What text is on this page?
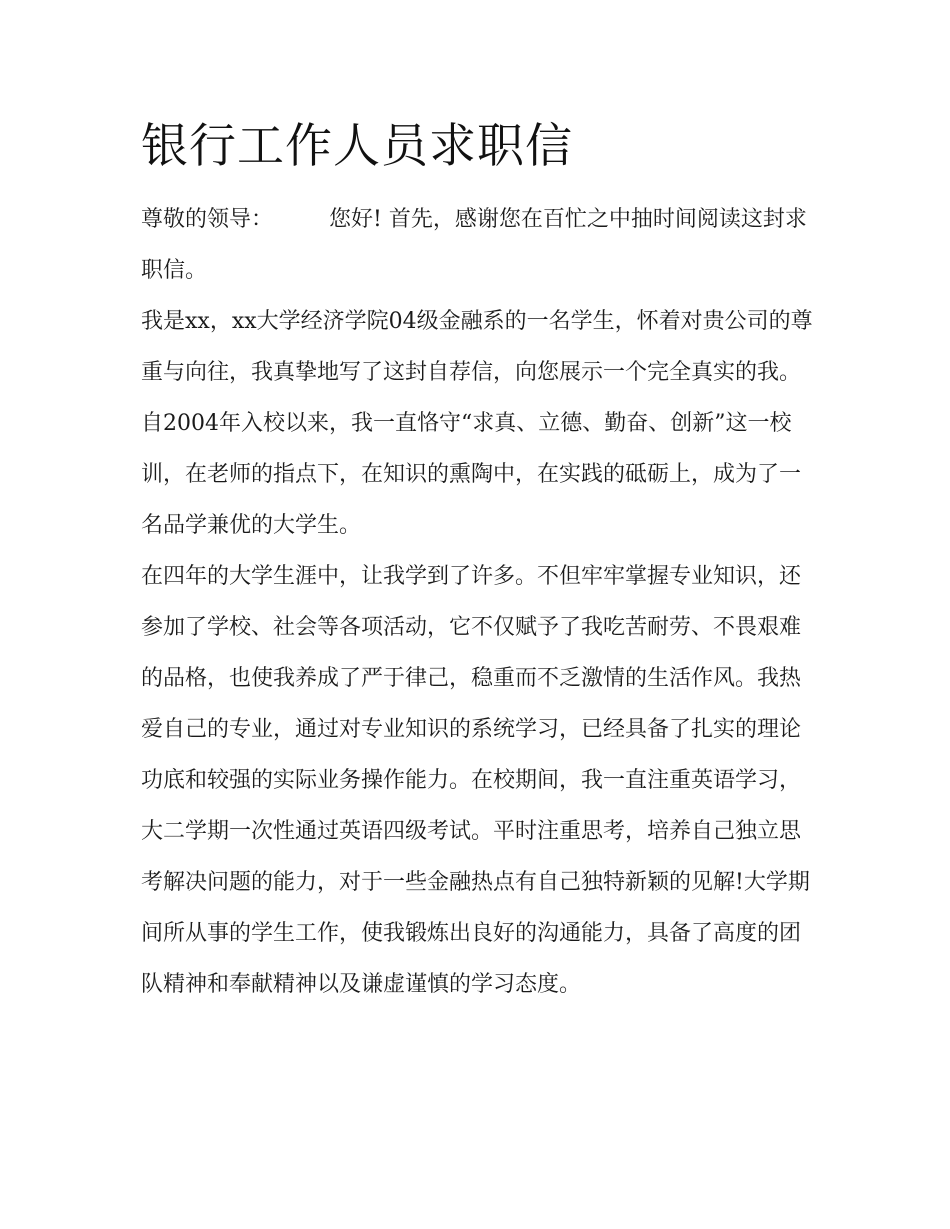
银行工作人员求职信

尊敬的领导：	您好! 首先，感谢您在百忙之中抽时间阅读这封求职信。

我是xx，xx大学经济学院04级金融系的一名学生，怀着对贵公司的尊重与向往，我真挚地写了这封自荐信，向您展示一个完全真实的我。

自2004年入校以来，我一直恪守“求真、立德、勤奋、创新”这一校训，在老师的指点下，在知识的熏陶中，在实践的砥砺上，成为了一名品学兼优的大学生。

在四年的大学生涯中，让我学到了许多。不但牢牢掌握专业知识，还参加了学校、社会等各项活动，它不仅赋予了我吃苦耐劳、不畏艰难的品格，也使我养成了严于律己，稳重而不乏激情的生活作风。我热爱自己的专业，通过对专业知识的系统学习，已经具备了扎实的理论功底和较强的实际业务操作能力。在校期间，我一直注重英语学习，大二学期一次性通过英语四级考试。平时注重思考，培养自己独立思考解决问题的能力，对于一些金融热点有自己独特新颖的见解!大学期间所从事的学生工作，使我锻炼出良好的沟通能力，具备了高度的团队精神和奉献精神以及谦虚谨慎的学习态度。
